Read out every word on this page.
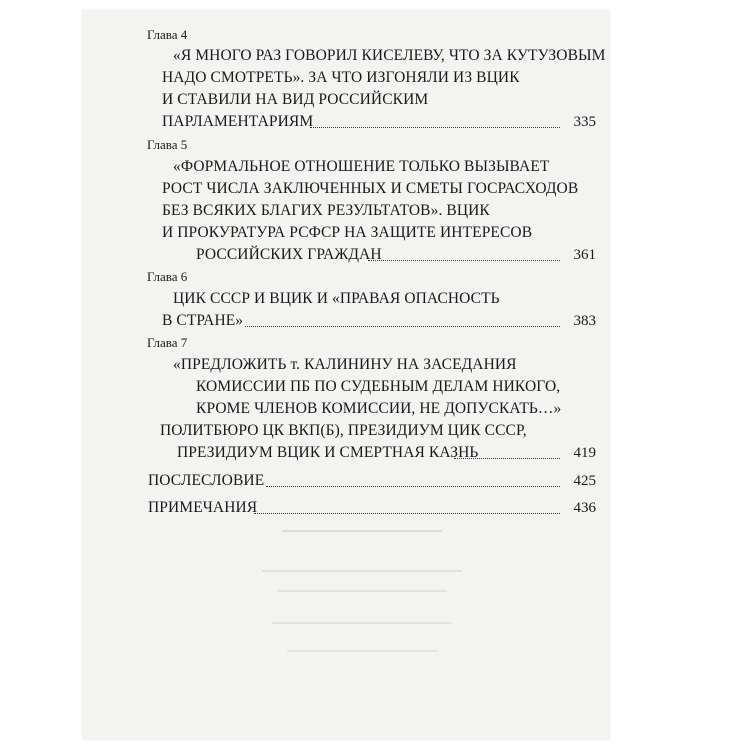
Глава 4
«Я МНОГО РАЗ ГОВОРИЛ КИСЕЛЕВУ, ЧТО ЗА КУТУЗОВЫМ
НАДО СМОТРЕТЬ». ЗА ЧТО ИЗГОНЯЛИ ИЗ ВЦИК
И СТАВИЛИ НА ВИД РОССИЙСКИМ
ПАРЛАМЕНТАРИЯМ	335
Глава 5
«ФОРМАЛЬНОЕ ОТНОШЕНИЕ ТОЛЬКО ВЫЗЫВАЕТ
РОСТ ЧИСЛА ЗАКЛЮЧЕННЫХ И СМЕТЫ ГОСРАСХОДОВ
БЕЗ ВСЯКИХ БЛАГИХ РЕЗУЛЬТАТОВ». ВЦИК
И ПРОКУРАТУРА РСФСР НА ЗАЩИТЕ ИНТЕРЕСОВ
РОССИЙСКИХ ГРАЖДАН	361
Глава 6
ЦИК СССР И ВЦИК И «ПРАВАЯ ОПАСНОСТЬ
В СТРАНЕ»	383
Глава 7
«ПРЕДЛОЖИТЬ т. КАЛИНИНУ НА ЗАСЕДАНИЯ
КОМИССИИ ПБ ПО СУДЕБНЫМ ДЕЛАМ НИКОГО,
КРОМЕ ЧЛЕНОВ КОМИССИИ, НЕ ДОПУСКАТЬ…»
ПОЛИТБЮРО ЦК ВКП(Б), ПРЕЗИДИУМ ЦИК СССР,
ПРЕЗИДИУМ ВЦИК И СМЕРТНАЯ КАЗНЬ	419
ПОСЛЕСЛОВИЕ	425
ПРИМЕЧАНИЯ	436
